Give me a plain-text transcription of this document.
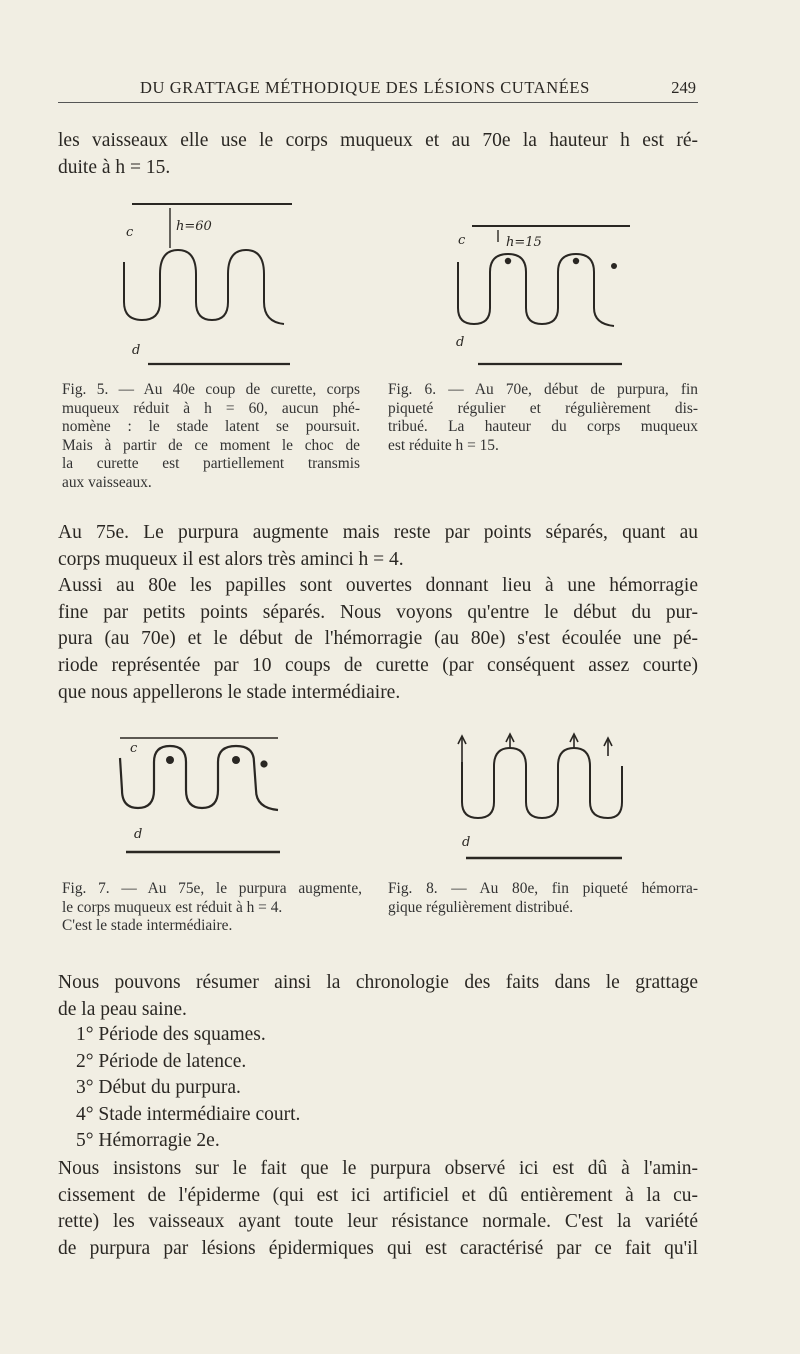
DU GRATTAGE MÉTHODIQUE DES LÉSIONS CUTANÉES	249

les vaisseaux elle use le corps muqueux et au 70e la hauteur h est ré-
duite à h = 15.

c	h=60
d
Fig. 5. — Au 40e coup de curette, corps
muqueux réduit à h = 60, aucun phé-
nomène : le stade latent se poursuit.
Mais à partir de ce moment le choc de
la curette est partiellement transmis
aux vaisseaux.
c	h=15
d
Fig. 6. — Au 70e, début de purpura, fin
piqueté régulier et régulièrement dis-
tribué. La hauteur du corps muqueux
est réduite h = 15.

Au 75e. Le purpura augmente mais reste par points séparés, quant au
corps muqueux il est alors très aminci h = 4.
Aussi au 80e les papilles sont ouvertes donnant lieu à une hémorragie
fine par petits points séparés. Nous voyons qu'entre le début du pur-
pura (au 70e) et le début de l'hémorragie (au 80e) s'est écoulée une pé-
riode représentée par 10 coups de curette (par conséquent assez courte)
que nous appellerons le stade intermédiaire.

c
d
Fig. 7. — Au 75e, le purpura augmente,
le corps muqueux est réduit à h = 4.
C'est le stade intermédiaire.
d
Fig. 8. — Au 80e, fin piqueté hémorra-
gique régulièrement distribué.

Nous pouvons résumer ainsi la chronologie des faits dans le grattage
de la peau saine.

1° Période des squames.
2° Période de latence.
3° Début du purpura.
4° Stade intermédiaire court.
5° Hémorragie 2e.

Nous insistons sur le fait que le purpura observé ici est dû à l'amin-
cissement de l'épiderme (qui est ici artificiel et dû entièrement à la cu-
rette) les vaisseaux ayant toute leur résistance normale. C'est la variété
de purpura par lésions épidermiques qui est caractérisé par ce fait qu'il
